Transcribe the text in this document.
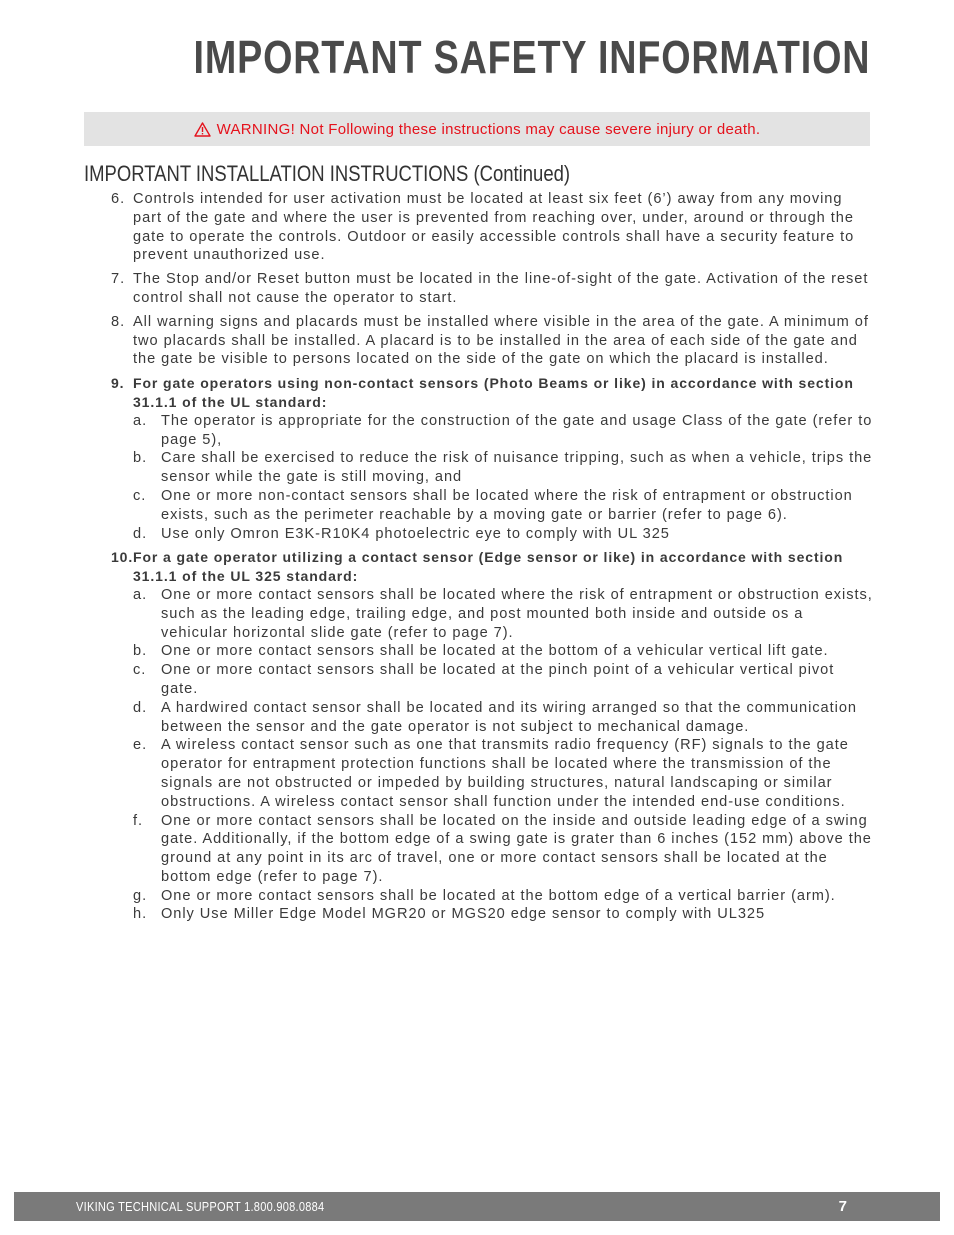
IMPORTANT SAFETY INFORMATION
WARNING! Not Following these instructions may cause severe injury or death.
IMPORTANT INSTALLATION INSTRUCTIONS (Continued)
6. Controls intended for user activation must be located at least six feet (6’) away from any moving part of the gate and where the user is prevented from reaching over, under, around or through the gate to operate the controls. Outdoor or easily accessible controls shall have a security feature to prevent unauthorized use.
7. The Stop and/or Reset button must be located in the line-of-sight of the gate. Activation of the reset control shall not cause the operator to start.
8. All warning signs and placards must be installed where visible in the area of the gate. A minimum of two placards shall be installed. A placard is to be installed in the area of each side of the gate and the gate be visible to persons located on the side of the gate on which the placard is installed.
9. For gate operators using non-contact sensors (Photo Beams or like) in accordance with section 31.1.1 of the UL standard:
a. The operator is appropriate for the construction of the gate and usage Class of the gate (refer to page 5),
b. Care shall be exercised to reduce the risk of nuisance tripping, such as when a vehicle, trips the sensor while the gate is still moving, and
c.	One or more non-contact sensors shall be located where the risk of entrapment or obstruction exists, such as the perimeter reachable by a moving gate or barrier (refer to page 6).
d. Use only Omron E3K-R10K4 photoelectric eye to comply with UL 325
10. For a gate operator utilizing a contact sensor (Edge sensor or like) in accordance with section 31.1.1 of the UL 325 standard:
a. One or more contact sensors shall be located where the risk of entrapment or obstruction exists, such as the leading edge, trailing edge, and post mounted both inside and outside os a vehicular horizontal slide gate (refer to page 7).
b. One or more contact sensors shall be located at the bottom of a vehicular vertical lift gate.
c.	One or more contact sensors shall be located at the pinch point of a vehicular vertical pivot gate.
d. A hardwired contact sensor shall be located and its wiring arranged so that the communication between the sensor and the gate operator is not subject to mechanical damage.
e. A wireless contact sensor such as one that transmits radio frequency (RF) signals to the gate operator for entrapment protection functions shall be located where the transmission of the signals are not obstructed or impeded by building structures, natural landscaping or similar obstructions. A wireless contact sensor shall function under the intended end-use conditions.
f.	One or more contact sensors shall be located on the inside and outside leading edge of a swing gate. Additionally, if the bottom edge of a swing gate is grater than 6 inches (152 mm) above the ground at any point in its arc of travel, one or more contact sensors shall be located at the bottom edge (refer to page 7).
g. One or more contact sensors shall be located at the bottom edge of a vertical barrier (arm).
h. Only Use Miller Edge Model MGR20 or MGS20 edge sensor to comply with UL325
VIKING TECHNICAL SUPPORT 1.800.908.0884	7
